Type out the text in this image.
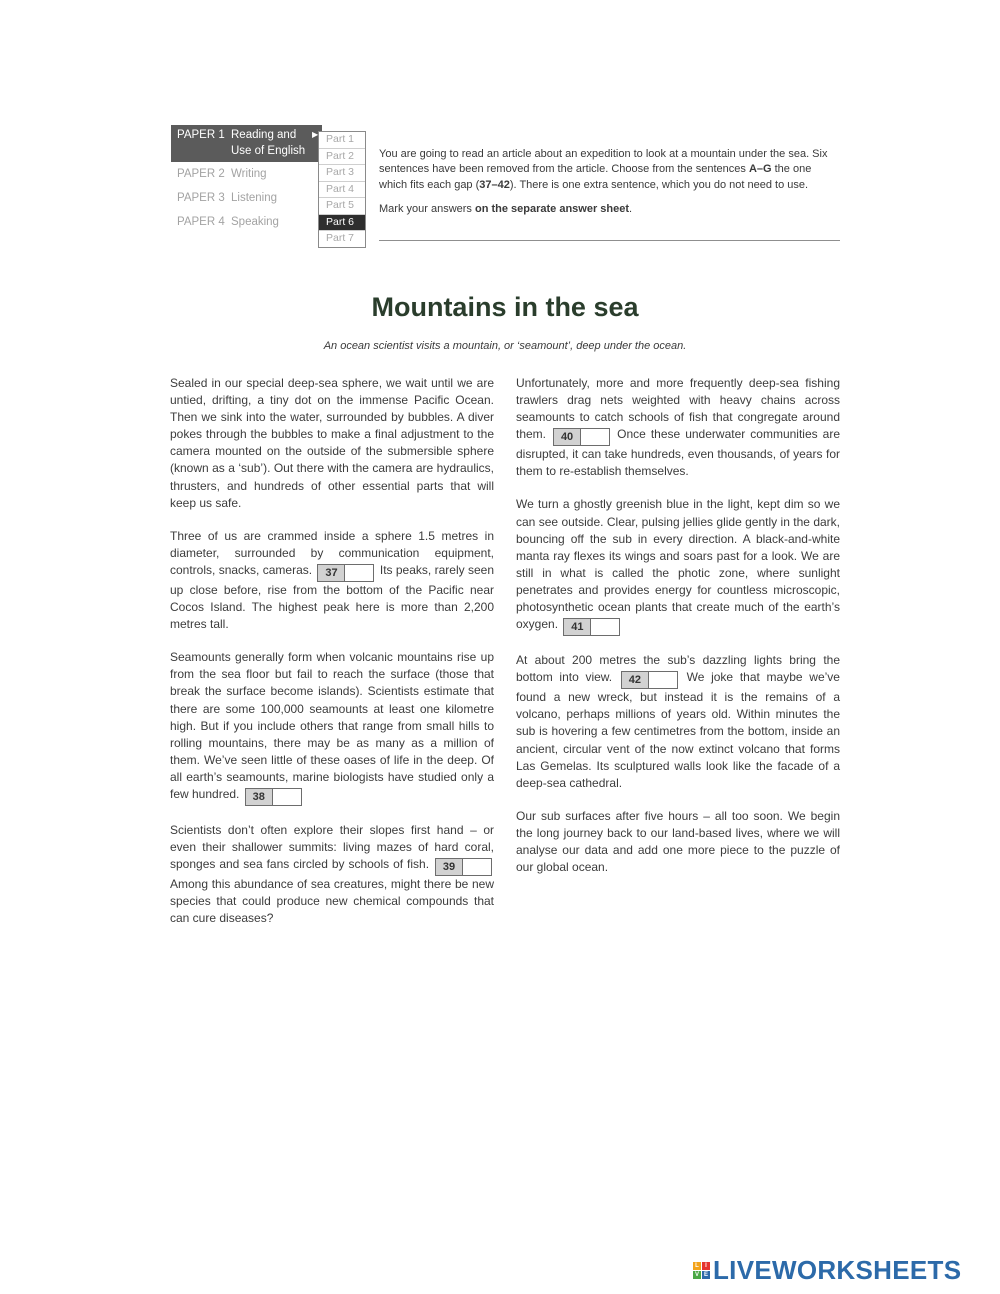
PAPER 1 Reading and Use of English
▶
PAPER 2 Writing
PAPER 3 Listening
PAPER 4 Speaking
Part 1
Part 2
Part 3
Part 4
Part 5
Part 6
Part 7

You are going to read an article about an expedition to look at a mountain under the sea. Six sentences have been removed from the article. Choose from the sentences A–G the one which fits each gap (37–42). There is one extra sentence, which you do not need to use.

Mark your answers on the separate answer sheet.

Mountains in the sea
An ocean scientist visits a mountain, or ‘seamount’, deep under the ocean.

Sealed in our special deep-sea sphere, we wait until we are untied, drifting, a tiny dot on the immense Pacific Ocean. Then we sink into the water, surrounded by bubbles. A diver pokes through the bubbles to make a final adjustment to the camera mounted on the outside of the submersible sphere (known as a ‘sub’). Out there with the camera are hydraulics, thrusters, and hundreds of other essential parts that will keep us safe.

Three of us are crammed inside a sphere 1.5 metres in diameter, surrounded by communication equipment, controls, snacks, cameras.	37	Its peaks, rarely seen up close before, rise from the bottom of the Pacific near Cocos Island. The highest peak here is more than 2,200 metres tall.

Seamounts generally form when volcanic mountains rise up from the sea floor but fail to reach the surface (those that break the surface become islands). Scientists estimate that there are some 100,000 seamounts at least one kilometre high. But if you include others that range from small hills to rolling mountains, there may be as many as a million of them. We’ve seen little of these oases of life in the deep. Of all earth’s seamounts, marine biologists have studied only a few hundred.	38

Scientists don’t often explore their slopes first hand – or even their shallower summits: living mazes of hard coral, sponges and sea fans circled by schools of fish.	39
Among this abundance of sea creatures, might there be new species that could produce new chemical compounds that can cure diseases?

Unfortunately, more and more frequently deep-sea fishing trawlers drag nets weighted with heavy chains across seamounts to catch schools of fish that congregate around them.	40	Once these underwater communities are disrupted, it can take hundreds, even thousands, of years for them to re-establish themselves.

We turn a ghostly greenish blue in the light, kept dim so we can see outside. Clear, pulsing jellies glide gently in the dark, bouncing off the sub in every direction. A black-and-white manta ray flexes its wings and soars past for a look. We are still in what is called the photic zone, where sunlight penetrates and provides energy for countless microscopic, photosynthetic ocean plants that create much of the earth’s oxygen.	41

At about 200 metres the sub’s dazzling lights bring the bottom into view.	42	We joke that maybe we’ve found a new wreck, but instead it is the remains of a volcano, perhaps millions of years old. Within minutes the sub is hovering a few centimetres from the bottom, inside an ancient, circular vent of the now extinct volcano that forms Las Gemelas. Its sculptured walls look like the facade of a deep-sea cathedral.

Our sub surfaces after five hours – all too soon. We begin the long journey back to our land-based lives, where we will analyse our data and add one more piece to the puzzle of our global ocean.

L	I
V E LIVEWORKSHEETS
